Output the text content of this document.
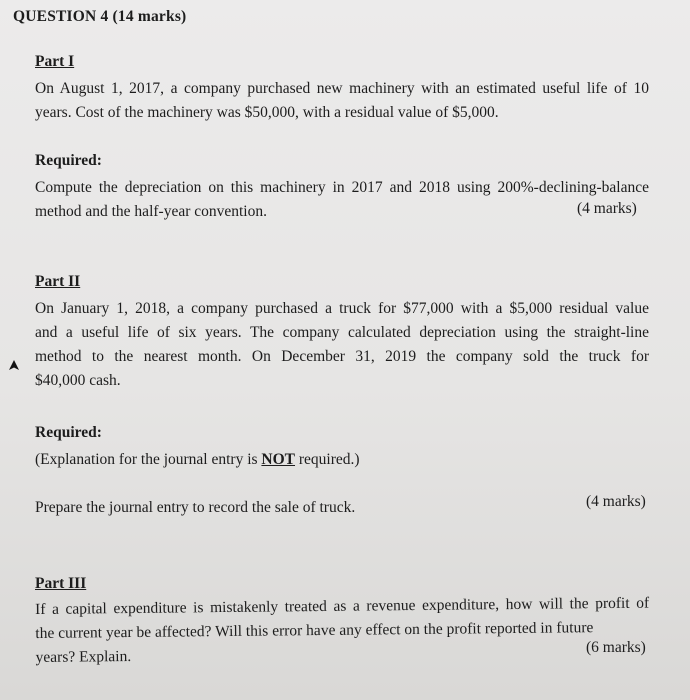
QUESTION 4 (14 marks)
Part I
On August 1, 2017, a company purchased new machinery with an estimated useful life of 10
years. Cost of the machinery was $50,000, with a residual value of $5,000.
Required:
Compute the depreciation on this machinery in 2017 and 2018 using 200%-declining-balance
method and the half-year convention.	(4 marks)
Part II
On January 1, 2018, a company purchased a truck for $77,000 with a $5,000 residual value
and a useful life of six years. The company calculated depreciation using the straight-line
method to the nearest month. On December 31, 2019 the company sold the truck for
$40,000 cash.
Required:
(Explanation for the journal entry is NOT required.)
Prepare the journal entry to record the sale of truck.	(4 marks)
Part III
If a capital expenditure is mistakenly treated as a revenue expenditure, how will the profit of
the current year be affected? Will this error have any effect on the profit reported in future
years? Explain.
(6 marks)
